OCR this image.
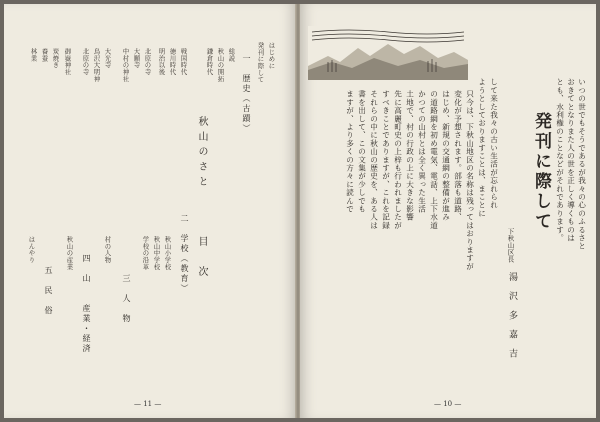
秋山のさと
目　次
はじめに
発刊に際して
一　歴史（古蹟）
総説
秋山の開拓
鎌倉時代
戦国時代
徳川時代
明治以後
北原の寺
大願寺
中村の神社
大光寺
鳥沢大明神
北原の寺
御嶽神社
炭焼き
養蚕
林業
二　学校（教育）
秋山小学校
秋山中学校
学校の沿革
三　人　物
村の人物
四　山　　産業・経済
秋山の産業
五　民　俗
はんやり
— 11 —
発刊に際して
下秋山区長
湯　沢　多　嘉　吉
いつの世でもそうであるが我々の心のふるさと
おきてとなりまた人の世を正しく導くものは
とも、水利権のことなどがそれであります。
して来た我々の古い生活が忘れられ
ようとしておりますことは、まことに
只今は、下秋山地区の名称は残ってはおりますが
変化が予想されます。部落も道路、
はじめ、新規の交通網の整備が進み
の道路網を初め電気、電話、上下水道
かつての山村とは全く異った生活
土地で、村の行政の上に大きな影響
先に高麗町史の上梓も行われましたが
すべきことでありますが、これを記録
それらの中に秋山の歴史を、ある人は
書を出して、この文集が少しでも
ますが、より多くの方々に読んで
— 10 —
